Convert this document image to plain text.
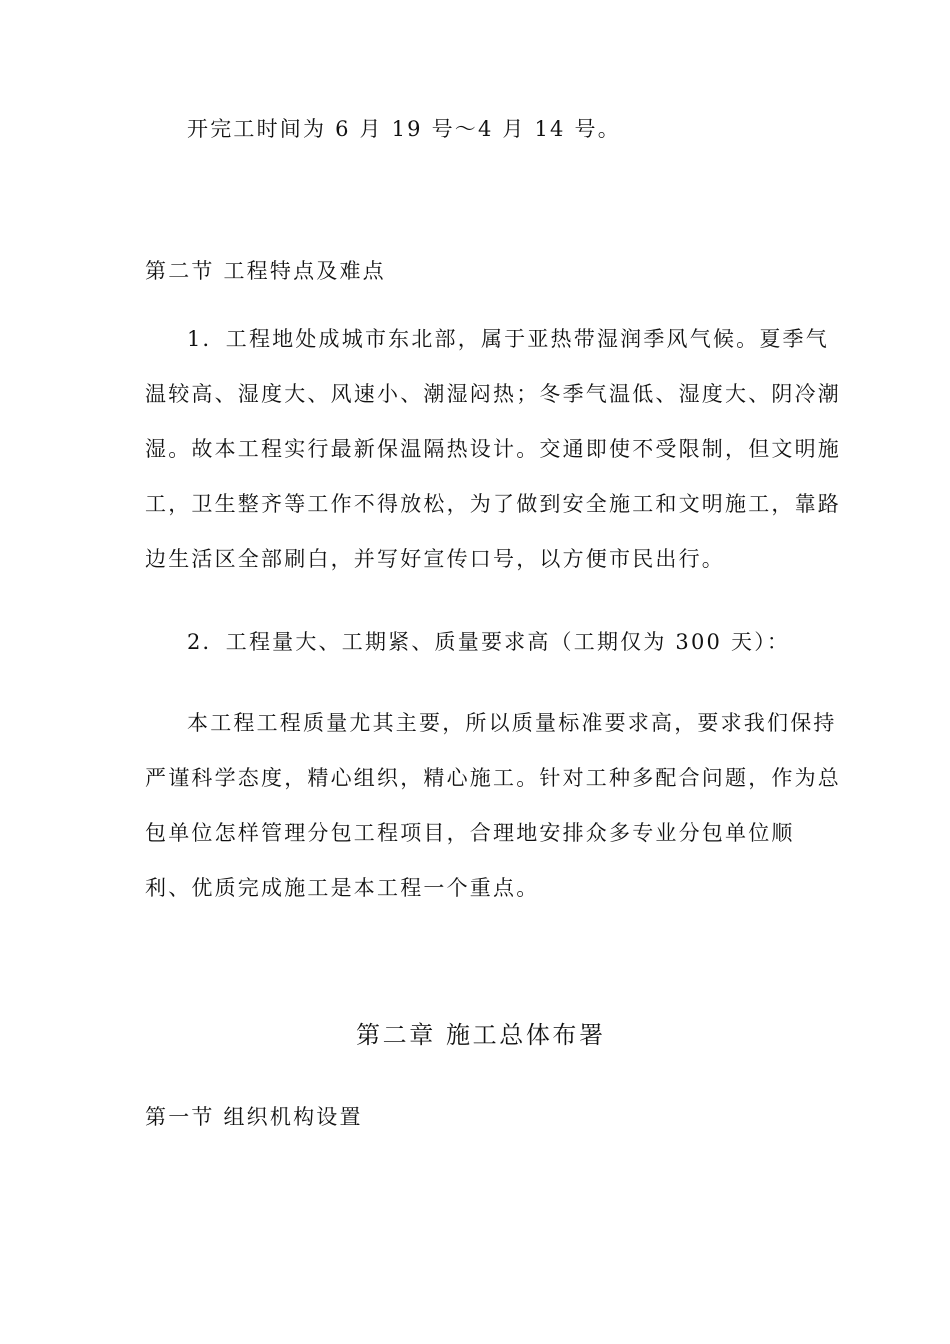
开完工时间为 6 月 19 号～4 月 14 号。
第二节 工程特点及难点
1．工程地处成城市东北部，属于亚热带湿润季风气候。夏季气
温较高、湿度大、风速小、潮湿闷热；冬季气温低、湿度大、阴冷潮
湿。故本工程实行最新保温隔热设计。交通即使不受限制，但文明施
工，卫生整齐等工作不得放松，为了做到安全施工和文明施工，靠路
边生活区全部刷白，并写好宣传口号，以方便市民出行。
2．工程量大、工期紧、质量要求高（工期仅为 300 天）：
本工程工程质量尤其主要，所以质量标准要求高，要求我们保持
严谨科学态度，精心组织，精心施工。针对工种多配合问题，作为总
包单位怎样管理分包工程项目，合理地安排众多专业分包单位顺
利、优质完成施工是本工程一个重点。
第二章 施工总体布署
第一节 组织机构设置
